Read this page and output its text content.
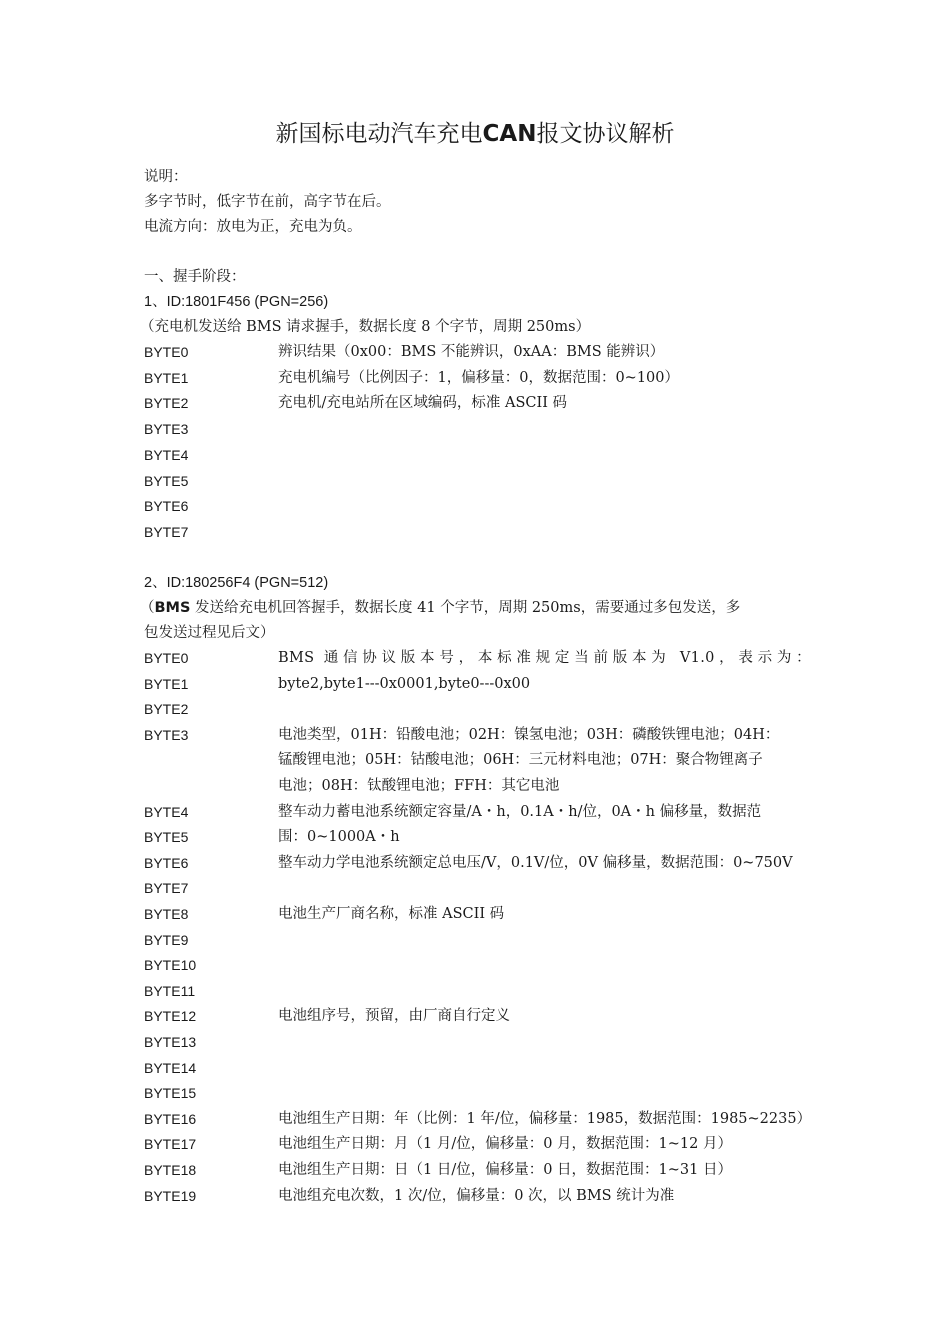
新国标电动汽车充电CAN报文协议解析
说明：
多字节时，低字节在前，高字节在后。
电流方向：放电为正，充电为负。
一、握手阶段：
1、ID:1801F456 (PGN=256)
（充电机发送给 BMS 请求握手，数据长度 8 个字节，周期 250ms）
BYTE0	辨识结果（0x00：BMS 不能辨识，0xAA：BMS 能辨识）
BYTE1	充电机编号（比例因子：1，偏移量：0，数据范围：0~100）
BYTE2	充电机/充电站所在区域编码，标准 ASCII 码
BYTE3
BYTE4
BYTE5
BYTE6
BYTE7
2、ID:180256F4 (PGN=512)
（BMS 发送给充电机回答握手，数据长度 41 个字节，周期 250ms，需要通过多包发送，多
包发送过程见后文）
BYTE0	BMS 通信协议版本号，本标准规定当前版本为 V1.0，表示为：
BYTE1	byte2,byte1---0x0001,byte0---0x00
BYTE2
BYTE3	电池类型，01H：铅酸电池；02H：镍氢电池；03H：磷酸铁锂电池；04H：
锰酸锂电池；05H：钴酸电池；06H：三元材料电池；07H：聚合物锂离子
电池；08H：钛酸锂电池；FFH：其它电池
BYTE4	整车动力蓄电池系统额定容量/A・h，0.1A・h/位，0A・h 偏移量，数据范
BYTE5	围：0~1000A・h
BYTE6	整车动力学电池系统额定总电压/V，0.1V/位，0V 偏移量，数据范围：0~750V
BYTE7
BYTE8	电池生产厂商名称，标准 ASCII 码
BYTE9
BYTE10
BYTE11
BYTE12	电池组序号，预留，由厂商自行定义
BYTE13
BYTE14
BYTE15
BYTE16	电池组生产日期：年（比例：1 年/位，偏移量：1985，数据范围：1985~2235）
BYTE17	电池组生产日期：月（1 月/位，偏移量：0 月，数据范围：1~12 月）
BYTE18	电池组生产日期：日（1 日/位，偏移量：0 日，数据范围：1~31 日）
BYTE19	电池组充电次数，1 次/位，偏移量：0 次，以 BMS 统计为准
